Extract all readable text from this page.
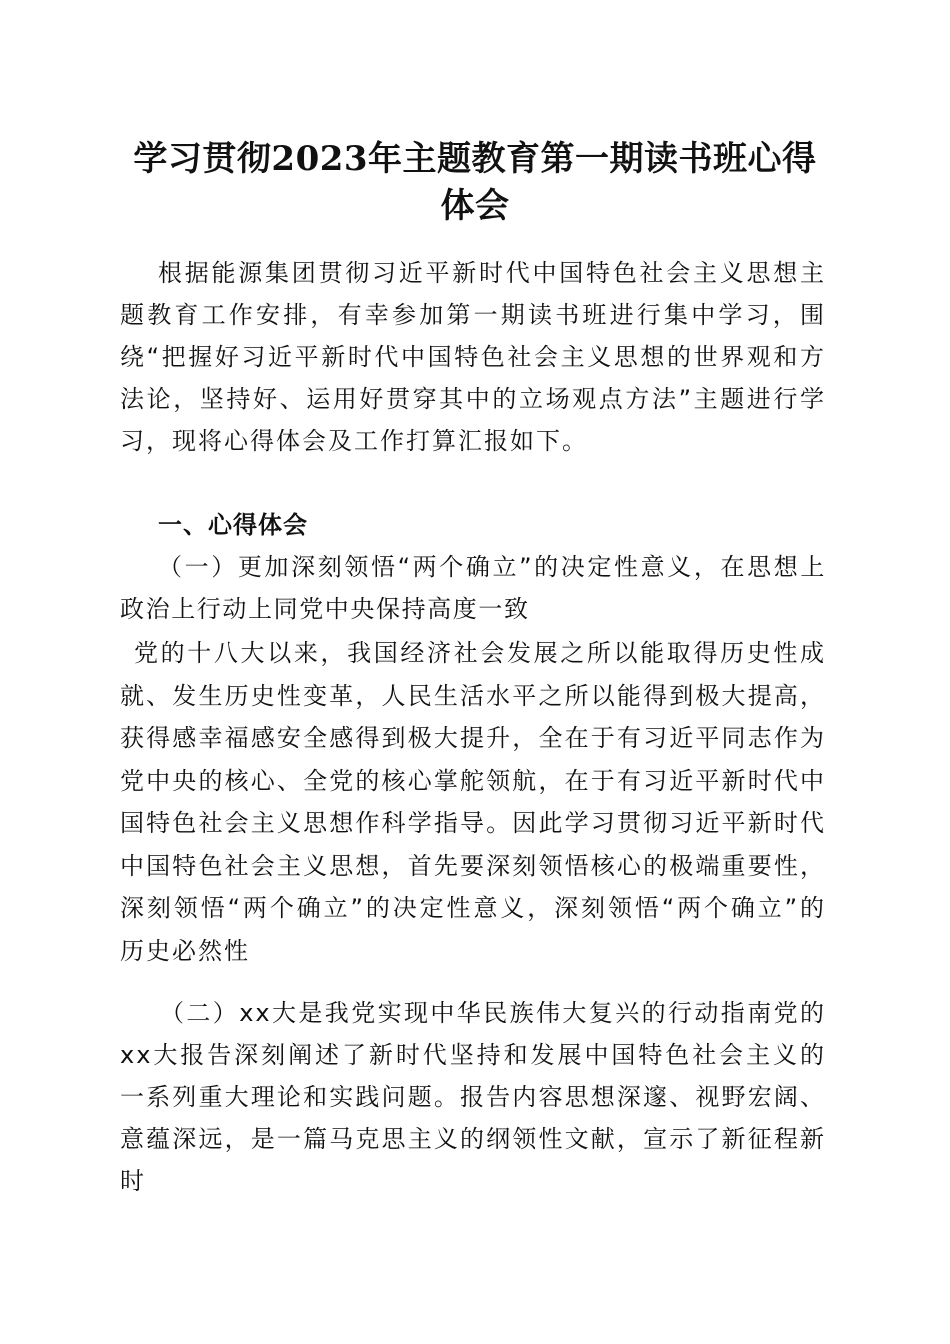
学习贯彻2023年主题教育第一期读书班心得体会

根据能源集团贯彻习近平新时代中国特色社会主义思想主题教育工作安排，有幸参加第一期读书班进行集中学习，围绕“把握好习近平新时代中国特色社会主义思想的世界观和方法论，坚持好、运用好贯穿其中的立场观点方法”主题进行学习，现将心得体会及工作打算汇报如下。

一、心得体会

（一）更加深刻领悟“两个确立”的决定性意义，在思想上政治上行动上同党中央保持高度一致

党的十八大以来，我国经济社会发展之所以能取得历史性成就、发生历史性变革，人民生活水平之所以能得到极大提高，获得感幸福感安全感得到极大提升，全在于有习近平同志作为党中央的核心、全党的核心掌舵领航，在于有习近平新时代中国特色社会主义思想作科学指导。因此学习贯彻习近平新时代中国特色社会主义思想，首先要深刻领悟核心的极端重要性，深刻领悟“两个确立”的决定性意义，深刻领悟“两个确立”的历史必然性

（二）xx大是我党实现中华民族伟大复兴的行动指南党的xx大报告深刻阐述了新时代坚持和发展中国特色社会主义的一系列重大理论和实践问题。报告内容思想深邃、视野宏阔、意蕴深远，是一篇马克思主义的纲领性文献，宣示了新征程新时
